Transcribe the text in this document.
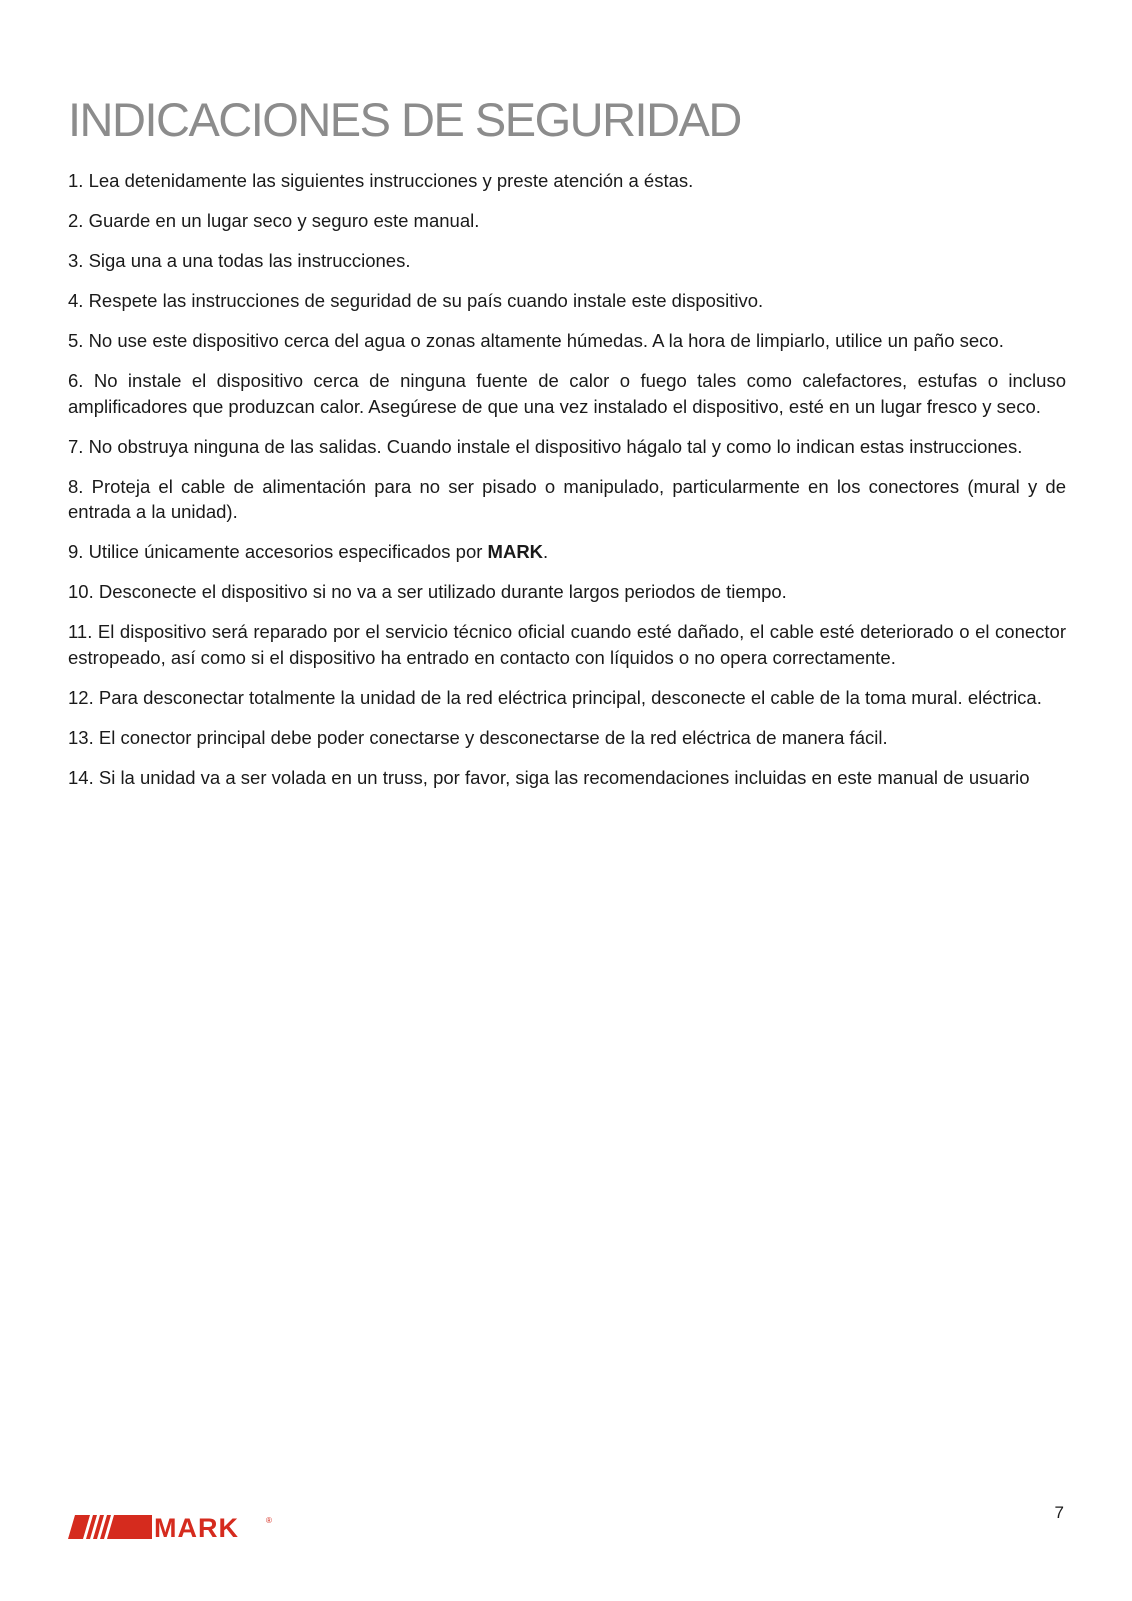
INDICACIONES DE SEGURIDAD
1. Lea detenidamente las siguientes instrucciones y preste atención a éstas.
2. Guarde en un lugar seco y seguro este manual.
3. Siga una a una todas las instrucciones.
4. Respete las instrucciones de seguridad de su país cuando instale este dispositivo.
5. No use este dispositivo cerca del agua o zonas altamente húmedas. A la hora de limpiarlo, utilice un paño seco.
6. No instale el dispositivo cerca de ninguna fuente de calor o fuego tales como calefactores, estufas o incluso amplificadores que produzcan calor. Asegúrese de que una vez instalado el dispositivo, esté en un lugar fresco y seco.
7. No obstruya ninguna de las salidas. Cuando instale el dispositivo hágalo tal y como lo indican estas instrucciones.
8. Proteja el cable de alimentación para no ser pisado o manipulado, particularmente en los conectores (mural y de entrada a la unidad).
9. Utilice únicamente accesorios especificados por MARK.
10. Desconecte el dispositivo si no va a ser utilizado durante largos periodos de tiempo.
11. El dispositivo será reparado por el servicio técnico oficial cuando esté dañado, el cable esté deteriorado o el conector estropeado, así como si el dispositivo ha entrado en contacto con líquidos o no opera correctamente.
12. Para desconectar totalmente la unidad de la red eléctrica principal, desconecte el cable de la toma mural. eléctrica.
13. El conector principal debe poder conectarse y desconectarse de la red eléctrica de manera fácil.
14. Si la unidad va a ser volada en un truss, por favor, siga las recomendaciones incluidas en este manual de usuario
MARK	®	7
